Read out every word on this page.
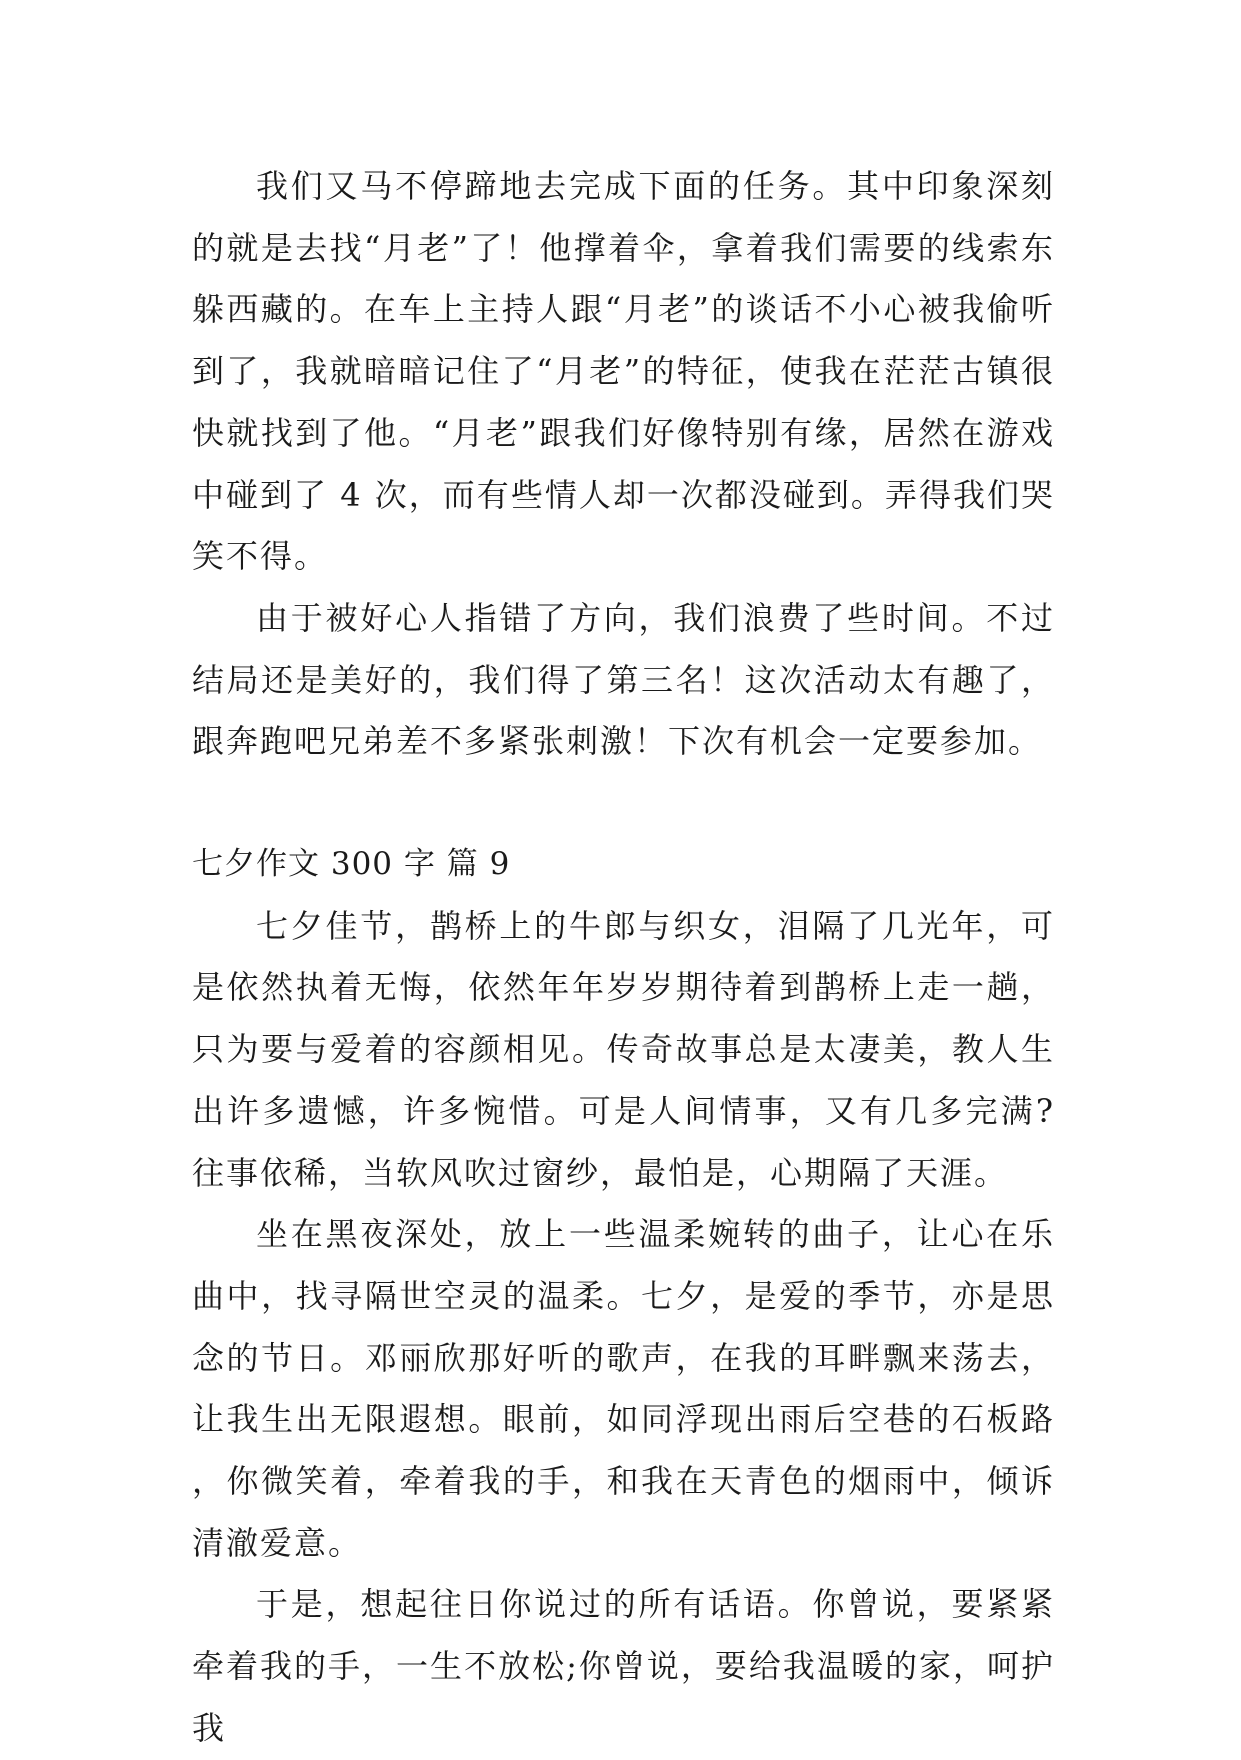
我们又马不停蹄地去完成下面的任务。其中印象深刻的就是去找“月老”了！他撑着伞，拿着我们需要的线索东躲西藏的。在车上主持人跟“月老”的谈话不小心被我偷听到了，我就暗暗记住了“月老”的特征，使我在茫茫古镇很快就找到了他。“月老”跟我们好像特别有缘，居然在游戏中碰到了 4 次，而有些情人却一次都没碰到。弄得我们哭笑不得。

由于被好心人指错了方向，我们浪费了些时间。不过结局还是美好的，我们得了第三名！这次活动太有趣了，跟奔跑吧兄弟差不多紧张刺激！下次有机会一定要参加。

七夕作文 300 字 篇 9

七夕佳节，鹊桥上的牛郎与织女，泪隔了几光年，可是依然执着无悔，依然年年岁岁期待着到鹊桥上走一趟，只为要与爱着的容颜相见。传奇故事总是太凄美，教人生出许多遗憾，许多惋惜。可是人间情事，又有几多完满?往事依稀，当软风吹过窗纱，最怕是，心期隔了天涯。

坐在黑夜深处，放上一些温柔婉转的曲子，让心在乐曲中，找寻隔世空灵的温柔。七夕，是爱的季节，亦是思念的节日。邓丽欣那好听的歌声，在我的耳畔飘来荡去，让我生出无限遐想。眼前，如同浮现出雨后空巷的石板路，你微笑着，牵着我的手，和我在天青色的烟雨中，倾诉清澈爱意。

于是，想起往日你说过的所有话语。你曾说，要紧紧牵着我的手，一生不放松;你曾说，要给我温暖的家，呵护我
